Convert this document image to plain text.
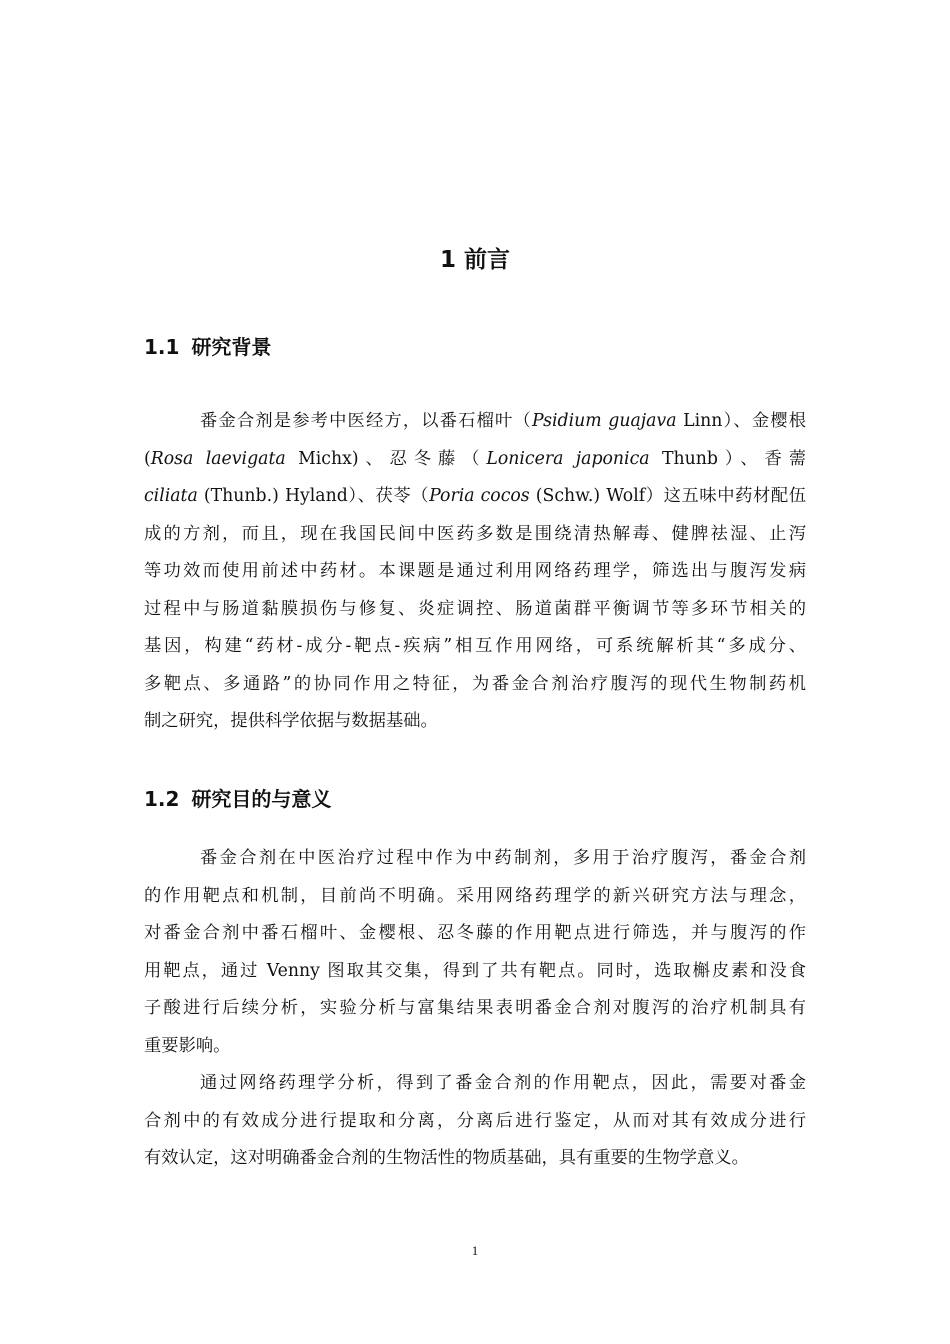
1 前言
1.1 研究背景
番金合剂是参考中医经方，以番石榴叶（Psidium guajava Linn）、金樱根
(Rosa laevigata Michx)、忍冬藤（Lonicera japonica Thunb）、香薷
ciliata (Thunb.) Hyland）、茯苓（Poria cocos (Schw.) Wolf）这五味中药材配伍
成的方剂，而且，现在我国民间中医药多数是围绕清热解毒、健脾祛湿、止泻
等功效而使用前述中药材。本课题是通过利用网络药理学，筛选出与腹泻发病
过程中与肠道黏膜损伤与修复、炎症调控、肠道菌群平衡调节等多环节相关的
基因，构建“药材-成分-靶点-疾病”相互作用网络，可系统解析其“多成分、
多靶点、多通路”的协同作用之特征，为番金合剂治疗腹泻的现代生物制药机
制之研究，提供科学依据与数据基础。
1.2 研究目的与意义
番金合剂在中医治疗过程中作为中药制剂，多用于治疗腹泻，番金合剂
的作用靶点和机制，目前尚不明确。采用网络药理学的新兴研究方法与理念，
对番金合剂中番石榴叶、金樱根、忍冬藤的作用靶点进行筛选，并与腹泻的作
用靶点，通过 Venny 图取其交集，得到了共有靶点。同时，选取槲皮素和没食
子酸进行后续分析，实验分析与富集结果表明番金合剂对腹泻的治疗机制具有
重要影响。
通过网络药理学分析，得到了番金合剂的作用靶点，因此，需要对番金
合剂中的有效成分进行提取和分离，分离后进行鉴定，从而对其有效成分进行
有效认定，这对明确番金合剂的生物活性的物质基础，具有重要的生物学意义。
1
